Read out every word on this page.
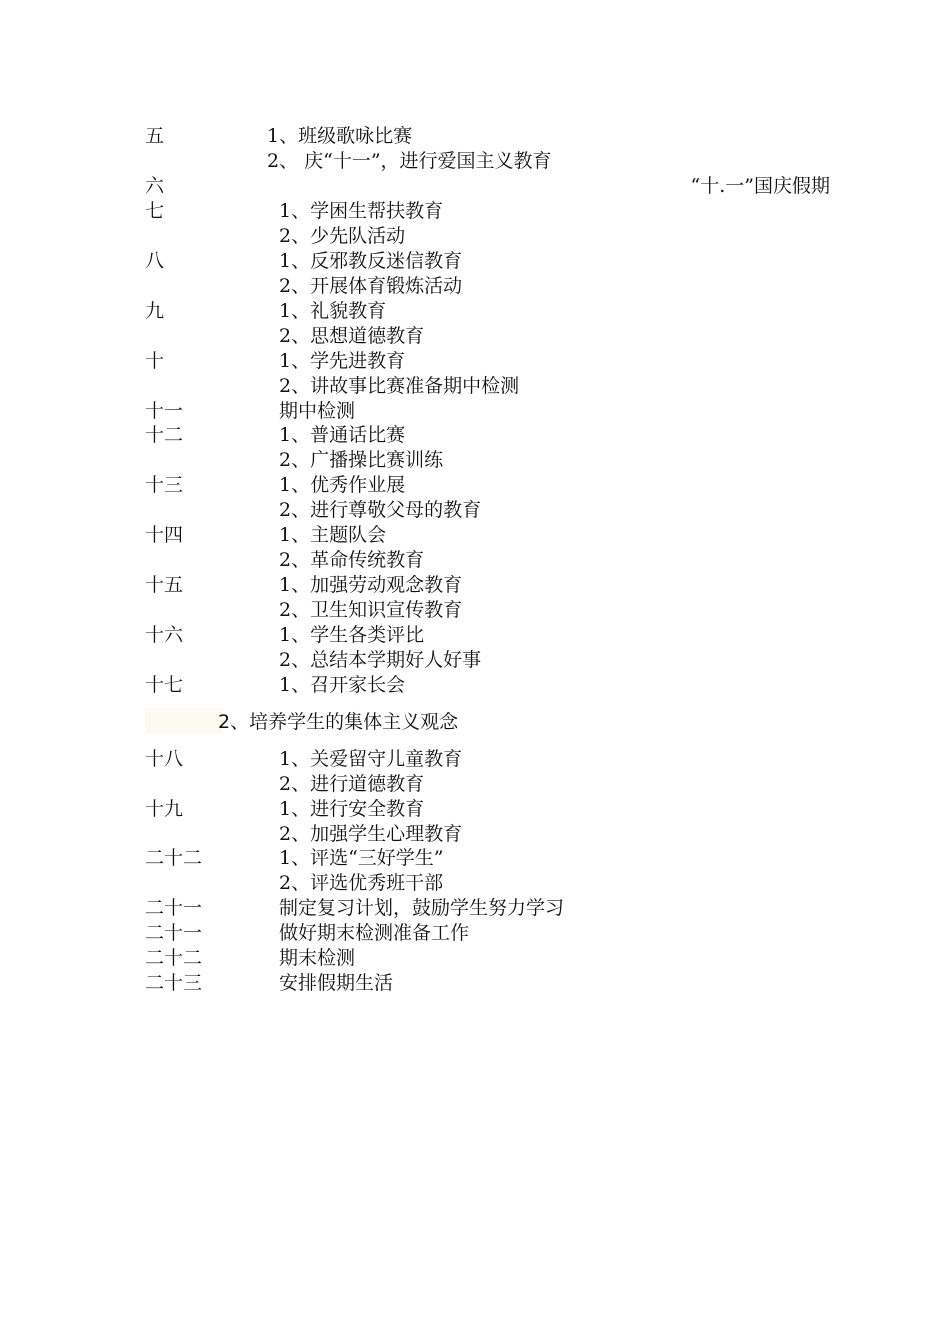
五	1、班级歌咏比赛
2、 庆“十一”，进行爱国主义教育
六	“十.一”国庆假期
七	1、学困生帮扶教育
2、少先队活动
八	1、反邪教反迷信教育
2、开展体育锻炼活动
九	1、礼貌教育
2、思想道德教育
十	1、学先进教育
2、讲故事比赛准备期中检测
十一	期中检测
十二	1、普通话比赛
2、广播操比赛训练
十三	1、优秀作业展
2、进行尊敬父母的教育
十四	1、主题队会
2、革命传统教育
十五	1、加强劳动观念教育
2、卫生知识宣传教育
十六	1、学生各类评比
2、总结本学期好人好事
十七	1、召开家长会
2、培养学生的集体主义观念
十八	1、关爱留守儿童教育
2、进行道德教育
十九	1、进行安全教育
2、加强学生心理教育
二十二	1、评选“三好学生”
2、评选优秀班干部
二十一	制定复习计划，鼓励学生努力学习
二十一	做好期末检测准备工作
二十二	期末检测
二十三	安排假期生活
